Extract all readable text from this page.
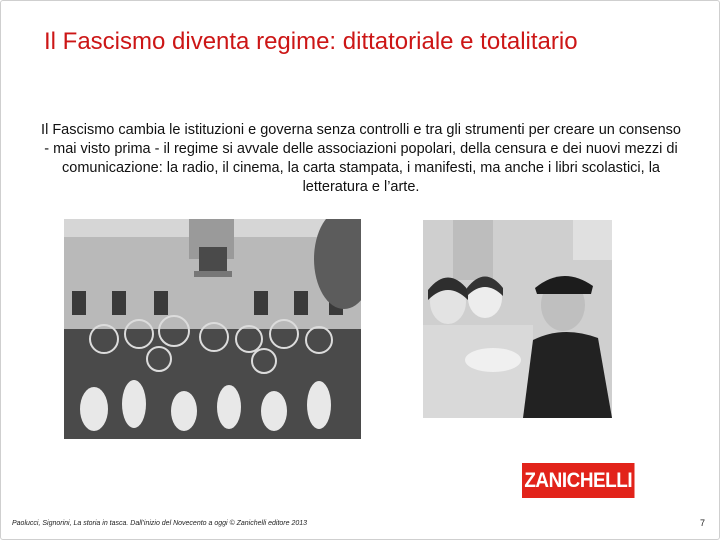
Il Fascismo diventa regime: dittatoriale e totalitario
Il Fascismo cambia le istituzioni e governa senza controlli e tra gli strumenti per creare un consenso - mai visto prima - il regime si avvale delle associazioni popolari, della censura e dei nuovi mezzi di comunicazione: la radio, il cinema, la carta stampata, i manifesti, ma anche i libri scolastici, la letteratura e l’arte.
ZANICHELLI
Paolucci, Signorini, La storia in tasca. Dall’inizio del Novecento a oggi © Zanichelli editore 2013	7
